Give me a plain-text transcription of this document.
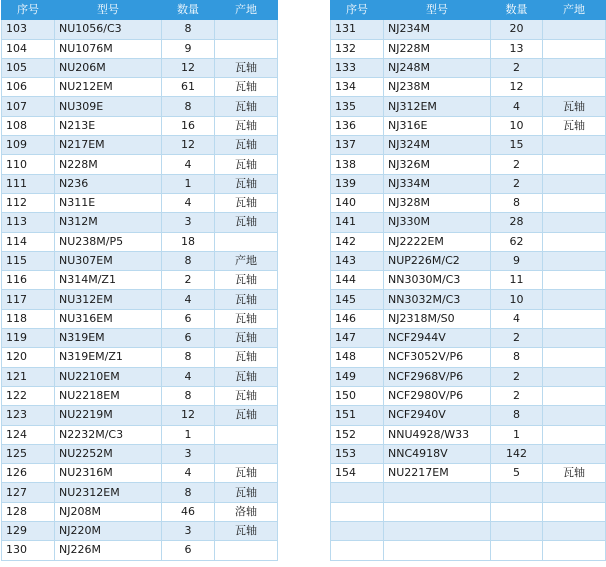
序号	型号	数量	产地
103	NU1056/C3	8	
104	NU1076M	9	
105	NU206M	12	瓦轴
106	NU212EM	61	瓦轴
107	NU309E	8	瓦轴
108	N213E	16	瓦轴
109	N217EM	12	瓦轴
110	N228M	4	瓦轴
111	N236	1	瓦轴
112	N311E	4	瓦轴
113	N312M	3	瓦轴
114	NU238M/P5	18	
115	NU307EM	8	产地
116	N314M/Z1	2	瓦轴
117	NU312EM	4	瓦轴
118	NU316EM	6	瓦轴
119	N319EM	6	瓦轴
120	N319EM/Z1	8	瓦轴
121	NU2210EM	4	瓦轴
122	NU2218EM	8	瓦轴
123	NU2219M	12	瓦轴
124	N2232M/C3	1	
125	NU2252M	3	
126	NU2316M	4	瓦轴
127	NU2312EM	8	瓦轴
128	NJ208M	46	洛轴
129	NJ220M	3	瓦轴
130	NJ226M	6	
序号	型号	数量	产地
131	NJ234M	20	
132	NJ228M	13	
133	NJ248M	2	
134	NJ238M	12	
135	NJ312EM	4	瓦轴
136	NJ316E	10	瓦轴
137	NJ324M	15	
138	NJ326M	2	
139	NJ334M	2	
140	NJ328M	8	
141	NJ330M	28	
142	NJ2222EM	62	
143	NUP226M/C2	9	
144	NN3030M/C3	11	
145	NN3032M/C3	10	
146	NJ2318M/S0	4	
147	NCF2944V	2	
148	NCF3052V/P6	8	
149	NCF2968V/P6	2	
150	NCF2980V/P6	2	
151	NCF2940V	8	
152	NNU4928/W33	1	
153	NNC4918V	142	
154	NU2217EM	5	瓦轴
